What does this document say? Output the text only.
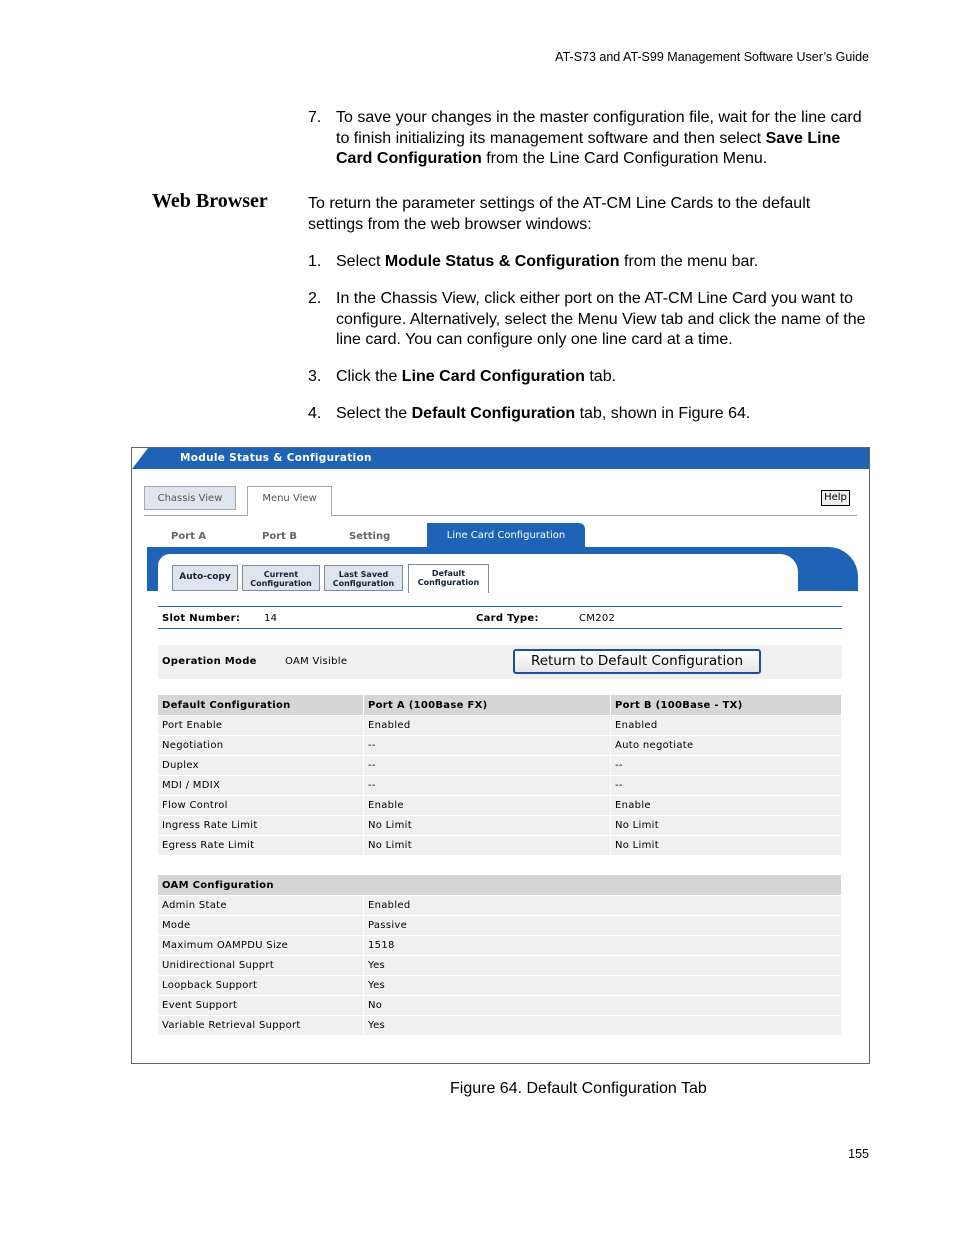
AT-S73 and AT-S99 Management Software User’s Guide
7. To save your changes in the master configuration file, wait for the line card to finish initializing its management software and then select Save Line Card Configuration from the Line Card Configuration Menu.
Web Browser	To return the parameter settings of the AT-CM Line Cards to the default settings from the web browser windows:
1. Select Module Status & Configuration from the menu bar.
2. In the Chassis View, click either port on the AT-CM Line Card you want to configure. Alternatively, select the Menu View tab and click the name of the line card. You can configure only one line card at a time.
3. Click the Line Card Configuration tab.
4. Select the Default Configuration tab, shown in Figure 64.
Module Status & Configuration
Chassis View	Menu View	Help
Port A	Port B	Setting	Line Card Configuration
Auto-copy	Current
Configuration
Last Saved
Configuration
Default
Configuration
Slot Number: 14	Card Type:	CM202
Operation Mode	OAM Visible	Return to Default Configuration
Default Configuration	Port A (100Base FX)	Port B (100Base - TX)
Port Enable	Enabled	Enabled
Negotiation	--	Auto negotiate
Duplex	--	--
MDI / MDIX	--	--
Flow Control	Enable	Enable
Ingress Rate Limit	No Limit	No Limit
Egress Rate Limit	No Limit	No Limit
OAM Configuration	
Admin State	Enabled
Mode	Passive
Maximum OAMPDU Size	1518
Unidirectional Supprt	Yes
Loopback Support	Yes
Event Support	No
Variable Retrieval Support	Yes
Figure 64. Default Configuration Tab
155
